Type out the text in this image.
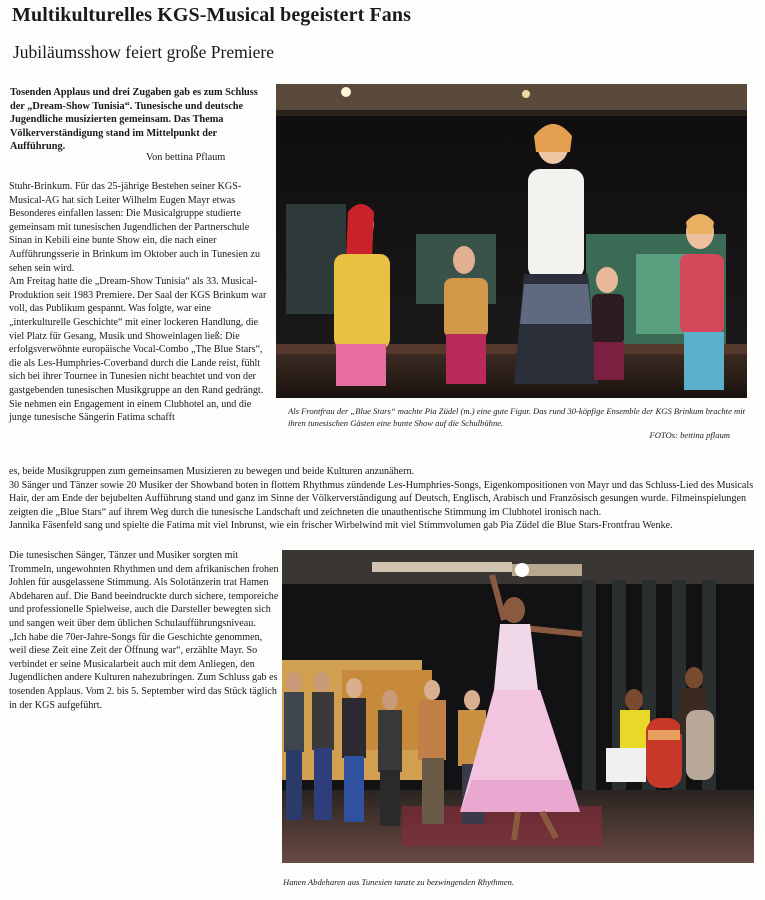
Multikulturelles KGS-Musical begeistert Fans
Jubiläumsshow feiert große Premiere
Tosenden Applaus und drei Zugaben gab es zum Schluss der „Dream-Show Tunisia“. Tunesische und deutsche Jugendliche musizierten gemeinsam. Das Thema Völkerverständigung stand im Mittelpunkt der Aufführung.
Von bettina Pflaum

Stuhr-Brinkum. Für das 25-jährige Bestehen seiner KGS-Musical-AG hat sich Leiter Wilhelm Eugen Mayr etwas Besonderes einfallen lassen: Die Musicalgruppe studierte gemeinsam mit tunesischen Jugendlichen der Partnerschule Sinan in Kebili eine bunte Show ein, die nach einer Aufführungsserie in Brinkum im Oktober auch in Tunesien zu sehen sein wird.

Am Freitag hatte die „Dream-Show Tunisia“ als 33. Musical-Produktion seit 1983 Premiere. Der Saal der KGS Brinkum war voll, das Publikum gespannt. Was folgte, war eine „interkulturelle Geschichte“ mit einer lockeren Handlung, die viel Platz für Gesang, Musik und Showeinlagen ließ: Die erfolgsverwöhnte europäische Vocal-Combo „The Blue Stars“, die als Les-Humphries-Coverband durch die Lande reist, fühlt sich bei ihrer Tournee in Tunesien nicht beachtet und von der gastgebenden tunesischen Musikgruppe an den Rand gedrängt. Sie nehmen ein Engagement in einem Clubhotel an, und die junge tunesische Sängerin Fatima schafft

Als Frontfrau der „Blue Stars“ machte Pia Züdel (m.) eine gute Figur. Das rund 30-köpfige Ensemble der KGS Brinkum brachte mit ihren tunesischen Gästen eine bunte Show auf die Schulbühne.
FOTOs: bettina pflaum

es, beide Musikgruppen zum gemeinsamen Musizieren zu bewegen und beide Kulturen anzunähern.

30 Sänger und Tänzer sowie 20 Musiker der Showband boten in flottem Rhythmus zündende Les-Humphries-Songs, Eigenkompositionen von Mayr und das Schluss-Lied des Musicals Hair, der am Ende der bejubelten Aufführung stand und ganz im Sinne der Völkerverständigung auf Deutsch, Englisch, Arabisch und Französisch gesungen wurde. Filmeinspielungen zeigten die „Blue Stars“ auf ihrem Weg durch die tunesische Landschaft und zeichneten die unauthentische Stimmung im Clubhotel ironisch nach.

Jannika Fäsenfeld sang und spielte die Fatima mit viel Inbrunst, wie ein frischer Wirbelwind mit viel Stimmvolumen gab Pia Züdel die Blue Stars-Frontfrau Wenke.

Die tunesischen Sänger, Tänzer und Musiker sorgten mit Trommeln, ungewohnten Rhythmen und dem afrikanischen frohen Johlen für ausgelassene Stimmung. Als Solotänzerin trat Hamen Abdeharen auf. Die Band beeindruckte durch sichere, temporeiche und professionelle Spielweise, auch die Darsteller bewegten sich und sangen weit über dem üblichen Schulaufführungsniveau.

„Ich habe die 70er-Jahre-Songs für die Geschichte genommen, weil diese Zeit eine Zeit der Öffnung war“, erzählte Mayr. So verbindet er seine Musicalarbeit auch mit dem Anliegen, den Jugendlichen andere Kulturen nahezubringen. Zum Schluss gab es tosenden Applaus. Vom 2. bis 5. September wird das Stück täglich in der KGS aufgeführt.

Hanen Abdeharen aus Tunesien tanzte zu bezwingenden Rhythmen.
